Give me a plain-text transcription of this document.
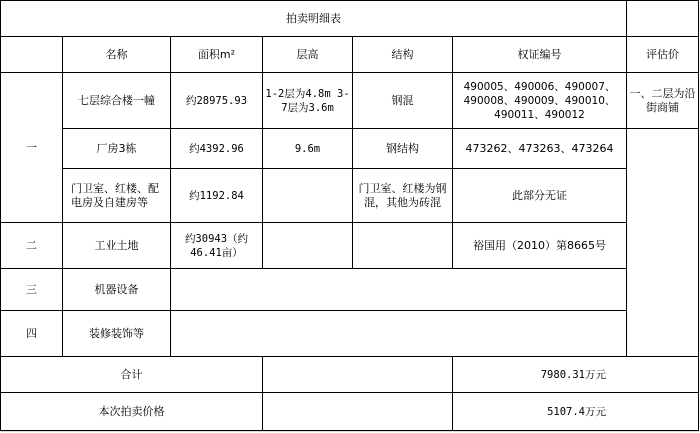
拍卖明细表						
	名称	面积m²	层高	结构	权证编号	评估价
一	七层综合楼一幢	约28975.93	1-2层为4.8m 3-7层为3.6m	钢混	490005、490006、490007、490008、490009、490010、490011、490012	一、二层为沿街商铺
	厂房3栋	约4392.96	9.6m	钢结构	473262、473263、473264	
	门卫室、红楼、配电房及自建房等	约1192.84		门卫室、红楼为钢混，其他为砖混	此部分无证	
二	工业土地	约30943（约46.41亩）			裕国用（2010）第8665号	
三	机器设备					
四	装修装饰等					
合计					7980.31万元	
本次拍卖价格					5107.4万元	
